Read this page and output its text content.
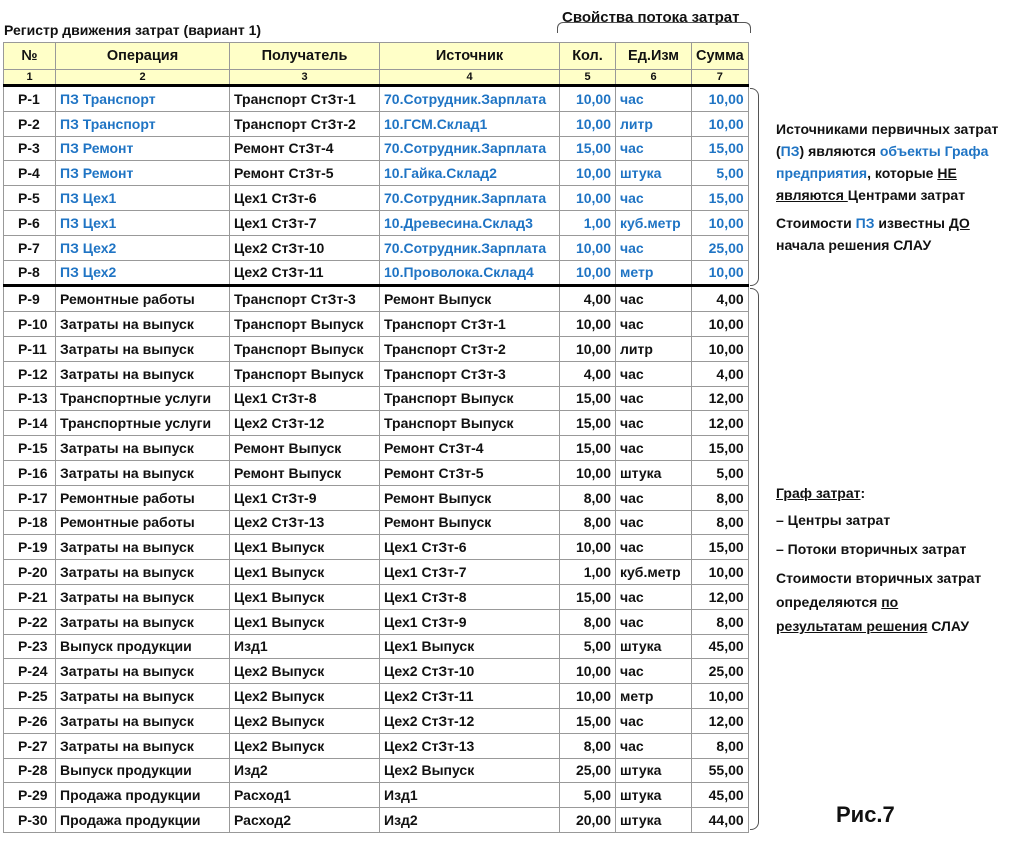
Регистр движения затрат (вариант 1)
Свойства потока затрат
№	Операция	Получатель	Источник	Кол.	Ед.Изм	Сумма
1	2	3	4	5	6	7
Р-1	ПЗ Транспорт	Транспорт СтЗт-1	70.Сотрудник.Зарплата	10,00	час	10,00
Р-2	ПЗ Транспорт	Транспорт СтЗт-2	10.ГСМ.Склад1	10,00	литр	10,00
Р-3	ПЗ Ремонт	Ремонт СтЗт-4	70.Сотрудник.Зарплата	15,00	час	15,00
Р-4	ПЗ Ремонт	Ремонт СтЗт-5	10.Гайка.Склад2	10,00	штука	5,00
Р-5	ПЗ Цех1	Цех1 СтЗт-6	70.Сотрудник.Зарплата	10,00	час	15,00
Р-6	ПЗ Цех1	Цех1 СтЗт-7	10.Древесина.Склад3	1,00	куб.метр	10,00
Р-7	ПЗ Цех2	Цех2 СтЗт-10	70.Сотрудник.Зарплата	10,00	час	25,00
Р-8	ПЗ Цех2	Цех2 СтЗт-11	10.Проволока.Склад4	10,00	метр	10,00
Р-9	Ремонтные работы	Транспорт СтЗт-3	Ремонт Выпуск	4,00	час	4,00
Р-10	Затраты на выпуск	Транспорт Выпуск	Транспорт СтЗт-1	10,00	час	10,00
Р-11	Затраты на выпуск	Транспорт Выпуск	Транспорт СтЗт-2	10,00	литр	10,00
Р-12	Затраты на выпуск	Транспорт Выпуск	Транспорт СтЗт-3	4,00	час	4,00
Р-13	Транспортные услуги	Цех1 СтЗт-8	Транспорт Выпуск	15,00	час	12,00
Р-14	Транспортные услуги	Цех2 СтЗт-12	Транспорт Выпуск	15,00	час	12,00
Р-15	Затраты на выпуск	Ремонт Выпуск	Ремонт СтЗт-4	15,00	час	15,00
Р-16	Затраты на выпуск	Ремонт Выпуск	Ремонт СтЗт-5	10,00	штука	5,00
Р-17	Ремонтные работы	Цех1 СтЗт-9	Ремонт Выпуск	8,00	час	8,00
Р-18	Ремонтные работы	Цех2 СтЗт-13	Ремонт Выпуск	8,00	час	8,00
Р-19	Затраты на выпуск	Цех1 Выпуск	Цех1 СтЗт-6	10,00	час	15,00
Р-20	Затраты на выпуск	Цех1 Выпуск	Цех1 СтЗт-7	1,00	куб.метр	10,00
Р-21	Затраты на выпуск	Цех1 Выпуск	Цех1 СтЗт-8	15,00	час	12,00
Р-22	Затраты на выпуск	Цех1 Выпуск	Цех1 СтЗт-9	8,00	час	8,00
Р-23	Выпуск продукции	Изд1	Цех1 Выпуск	5,00	штука	45,00
Р-24	Затраты на выпуск	Цех2 Выпуск	Цех2 СтЗт-10	10,00	час	25,00
Р-25	Затраты на выпуск	Цех2 Выпуск	Цех2 СтЗт-11	10,00	метр	10,00
Р-26	Затраты на выпуск	Цех2 Выпуск	Цех2 СтЗт-12	15,00	час	12,00
Р-27	Затраты на выпуск	Цех2 Выпуск	Цех2 СтЗт-13	8,00	час	8,00
Р-28	Выпуск продукции	Изд2	Цех2 Выпуск	25,00	штука	55,00
Р-29	Продажа продукции	Расход1	Изд1	5,00	штука	45,00
Р-30	Продажа продукции	Расход2	Изд2	20,00	штука	44,00
Источниками первичных затрат
(ПЗ) являются объекты Графа
предприятия, которые НЕ
являются Центрами затрат
Стоимости ПЗ известны ДО
начала решения СЛАУ
Граф затрат:
– Центры затрат
– Потоки вторичных затрат
Стоимости вторичных затрат
определяются по
результатам решения СЛАУ
Рис.7
